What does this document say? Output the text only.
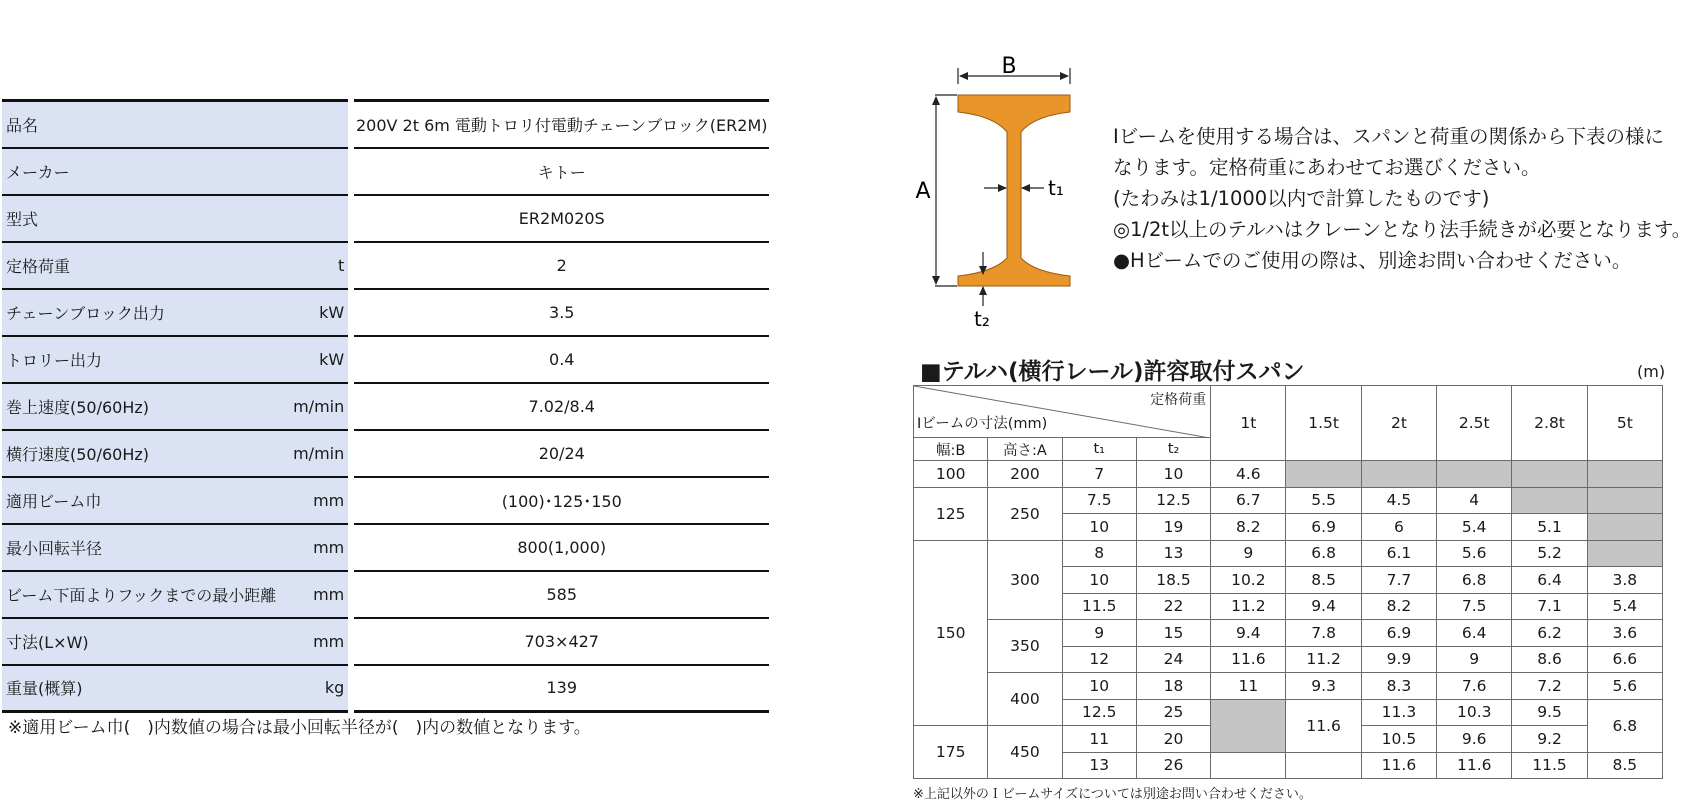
品名		200V 2t 6m 電動トロリ付電動チェーンブロック(ER2M)
メーカー		キトー
型式		ER2M020S
定格荷重	t	2
チェーンブロック出力	kW	3.5
トロリー出力	kW	0.4
巻上速度(50/60Hz)	m/min	7.02/8.4
横行速度(50/60Hz)	m/min	20/24
適用ビーム巾	mm	(100)･125･150
最小回転半径	mm	800(1,000)
ビーム下面よりフックまでの最小距離	mm	585
寸法(L×W)	mm	703×427
重量(概算)	kg	139
※適用ビーム巾(　)内数値の場合は最小回転半径が(　)内の数値となります。
B
A	t₁
t₂

Iビームを使用する場合は、スパンと荷重の関係から下表の様に

なります。定格荷重にあわせてお選びください。

(たわみは1/1000以内で計算したものです)

◎1/2t以上のテルハはクレーンとなり法手続きが必要となります。

●Hビームでのご使用の際は、別途お問い合わせください。

■テルハ(横行レール)許容取付スパン	(m)
定格荷重
Iビームの寸法(mm)				1t	1.5t	2t	2.5t	2.8t	5t
幅:B	高さ:A	t₁	t₂						
100	200	7	10	4.6					
125	250	7.5	12.5	6.7	5.5	4.5	4		
		10	19	8.2	6.9	6	5.4	5.1	
150	300	8	13	9	6.8	6.1	5.6	5.2	
		10	18.5	10.2	8.5	7.7	6.8	6.4	3.8
		11.5	22	11.2	9.4	8.2	7.5	7.1	5.4
	350	9	15	9.4	7.8	6.9	6.4	6.2	3.6
		12	24	11.6	11.2	9.9	9	8.6	6.6
	400	10	18	11	9.3	8.3	7.6	7.2	5.6
		12.5	25		11.6	11.3	10.3	9.5	6.8
175	450	11	20			10.5	9.6	9.2	
		13	26			11.6	11.6	11.5	8.5
※上記以外のＩビームサイズについては別途お問い合わせください。
